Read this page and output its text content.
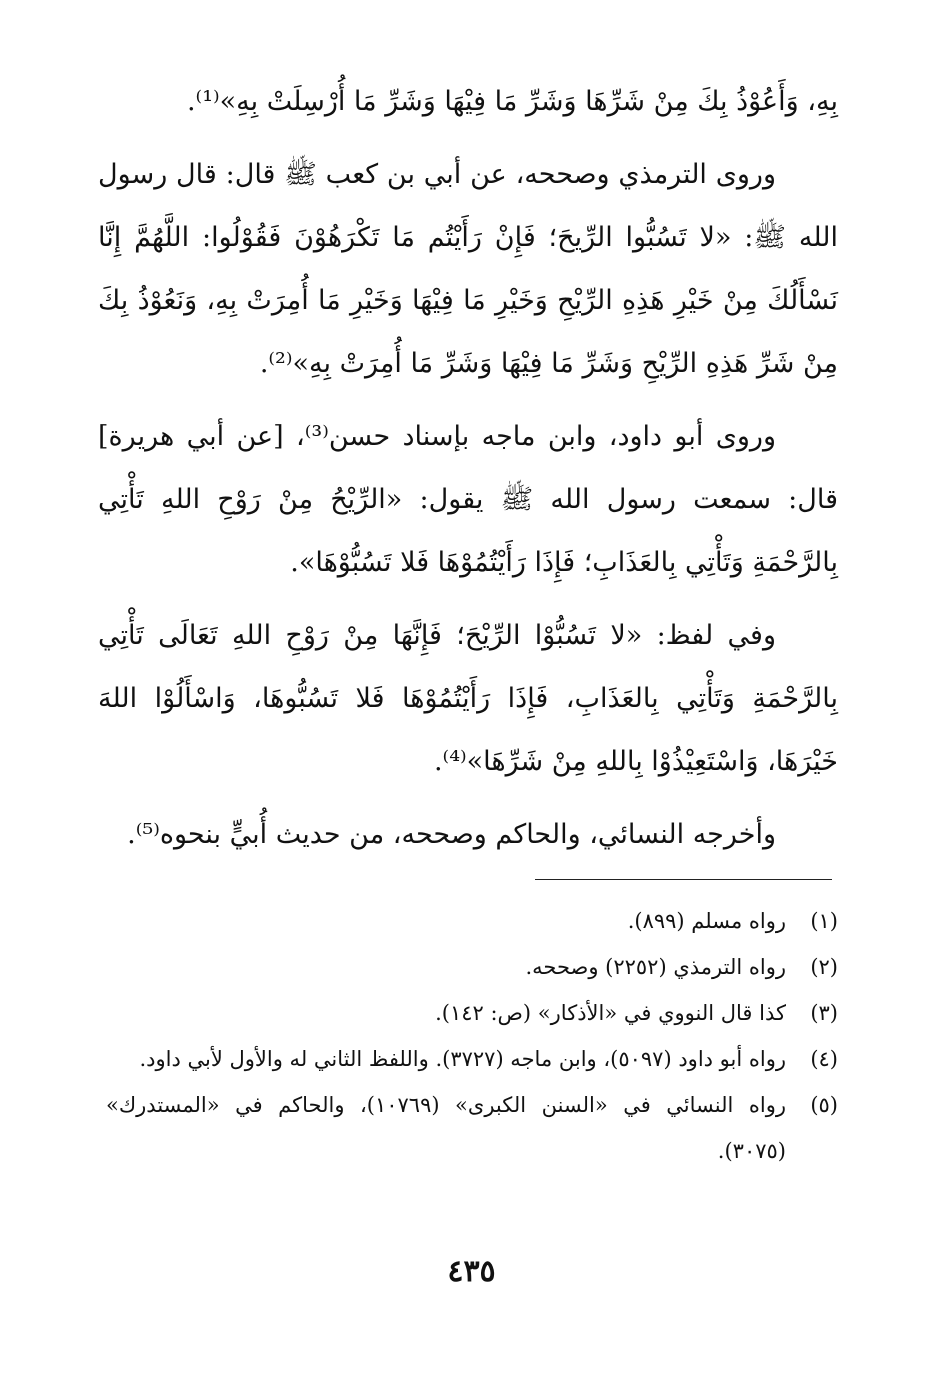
بِهِ، وَأَعُوْذُ بِكَ مِنْ شَرِّهَا وَشَرِّ مَا فِيْهَا وَشَرِّ مَا أُرْسِلَتْ بِهِ»⁽¹⁾.

وروى الترمذي وصححه، عن أبي بن كعب ﷺ قال: قال رسول الله ﷺ: «لا تَسُبُّوا الرِّيحَ؛ فَإِنْ رَأَيْتُم مَا تَكْرَهُوْنَ فَقُوْلُوا: اللَّهُمَّ إِنَّا نَسْأَلُكَ مِنْ خَيْرِ هَذِهِ الرِّيْحِ وَخَيْرِ مَا فِيْهَا وَخَيْرِ مَا أُمِرَتْ بِهِ، وَنَعُوْذُ بِكَ مِنْ شَرِّ هَذِهِ الرِّيْحِ وَشَرِّ مَا فِيْهَا وَشَرِّ مَا أُمِرَتْ بِهِ»⁽²⁾.

وروى أبو داود، وابن ماجه بإسناد حسن⁽³⁾، [عن أبي هريرة] قال: سمعت رسول الله ﷺ يقول: «الرِّيْحُ مِنْ رَوْحِ اللهِ تَأْتِي بِالرَّحْمَةِ وَتَأْتِي بِالعَذَابِ؛ فَإِذَا رَأَيْتُمُوْهَا فَلا تَسُبُّوْهَا».

وفي لفظ: «لا تَسُبُّوْا الرِّيْحَ؛ فَإِنَّهَا مِنْ رَوْحِ اللهِ تَعَالَى تَأْتِي بِالرَّحْمَةِ وَتَأْتِي بِالعَذَابِ، فَإِذَا رَأَيْتُمُوْهَا فَلا تَسُبُّوهَا، وَاسْأَلُوْا اللهَ خَيْرَهَا، وَاسْتَعِيْذُوْا بِاللهِ مِنْ شَرِّهَا»⁽⁴⁾.

وأخرجه النسائي، والحاكم وصححه، من حديث أُبيٍّ بنحوه⁽⁵⁾.

(١)
رواه مسلم (٨٩٩).
(٢)
رواه الترمذي (٢٢٥٢) وصححه.
(٣)
كذا قال النووي في «الأذكار» (ص: ١٤٢).
(٤)
رواه أبو داود (٥٠٩٧)، وابن ماجه (٣٧٢٧). واللفظ الثاني له والأول لأبي داود.
(٥)
رواه النسائي في «السنن الكبرى» (١٠٧٦٩)، والحاكم في «المستدرك» (٣٠٧٥).
٤٣٥
